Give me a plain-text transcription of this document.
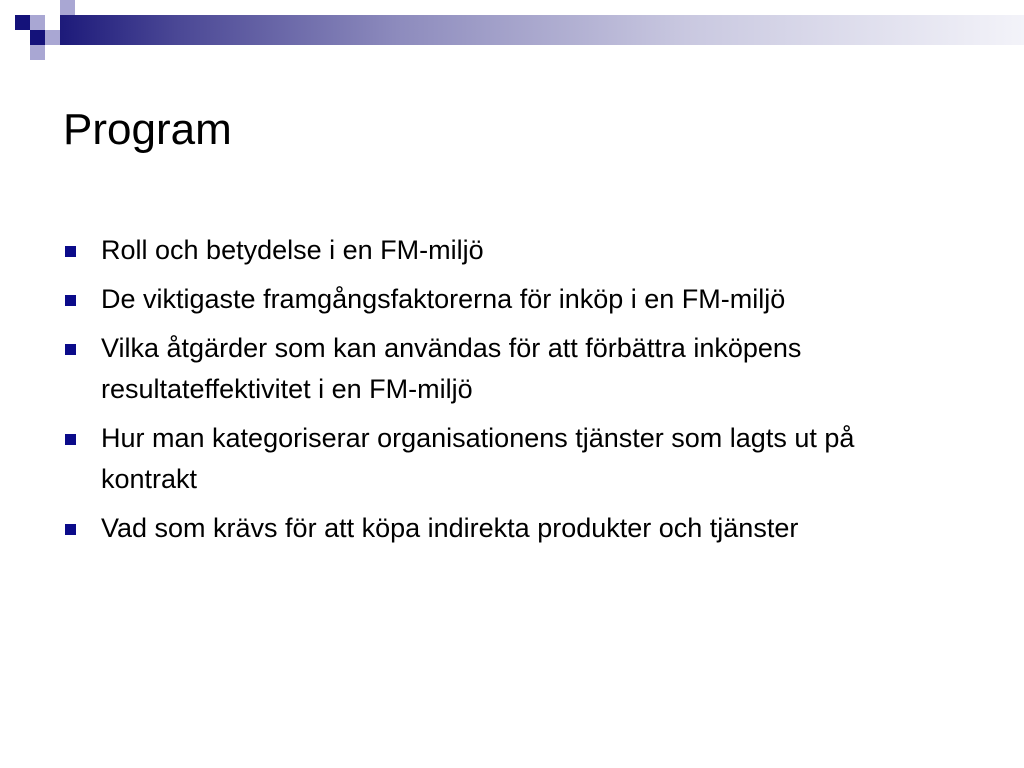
Program
Roll och betydelse i en FM-miljö
De viktigaste framgångsfaktorerna för inköp i en FM-miljö
Vilka åtgärder som kan användas för att förbättra inköpens resultateffektivitet i en FM-miljö
Hur man kategoriserar organisationens tjänster som lagts ut på kontrakt
Vad som krävs för att köpa indirekta produkter och tjänster
